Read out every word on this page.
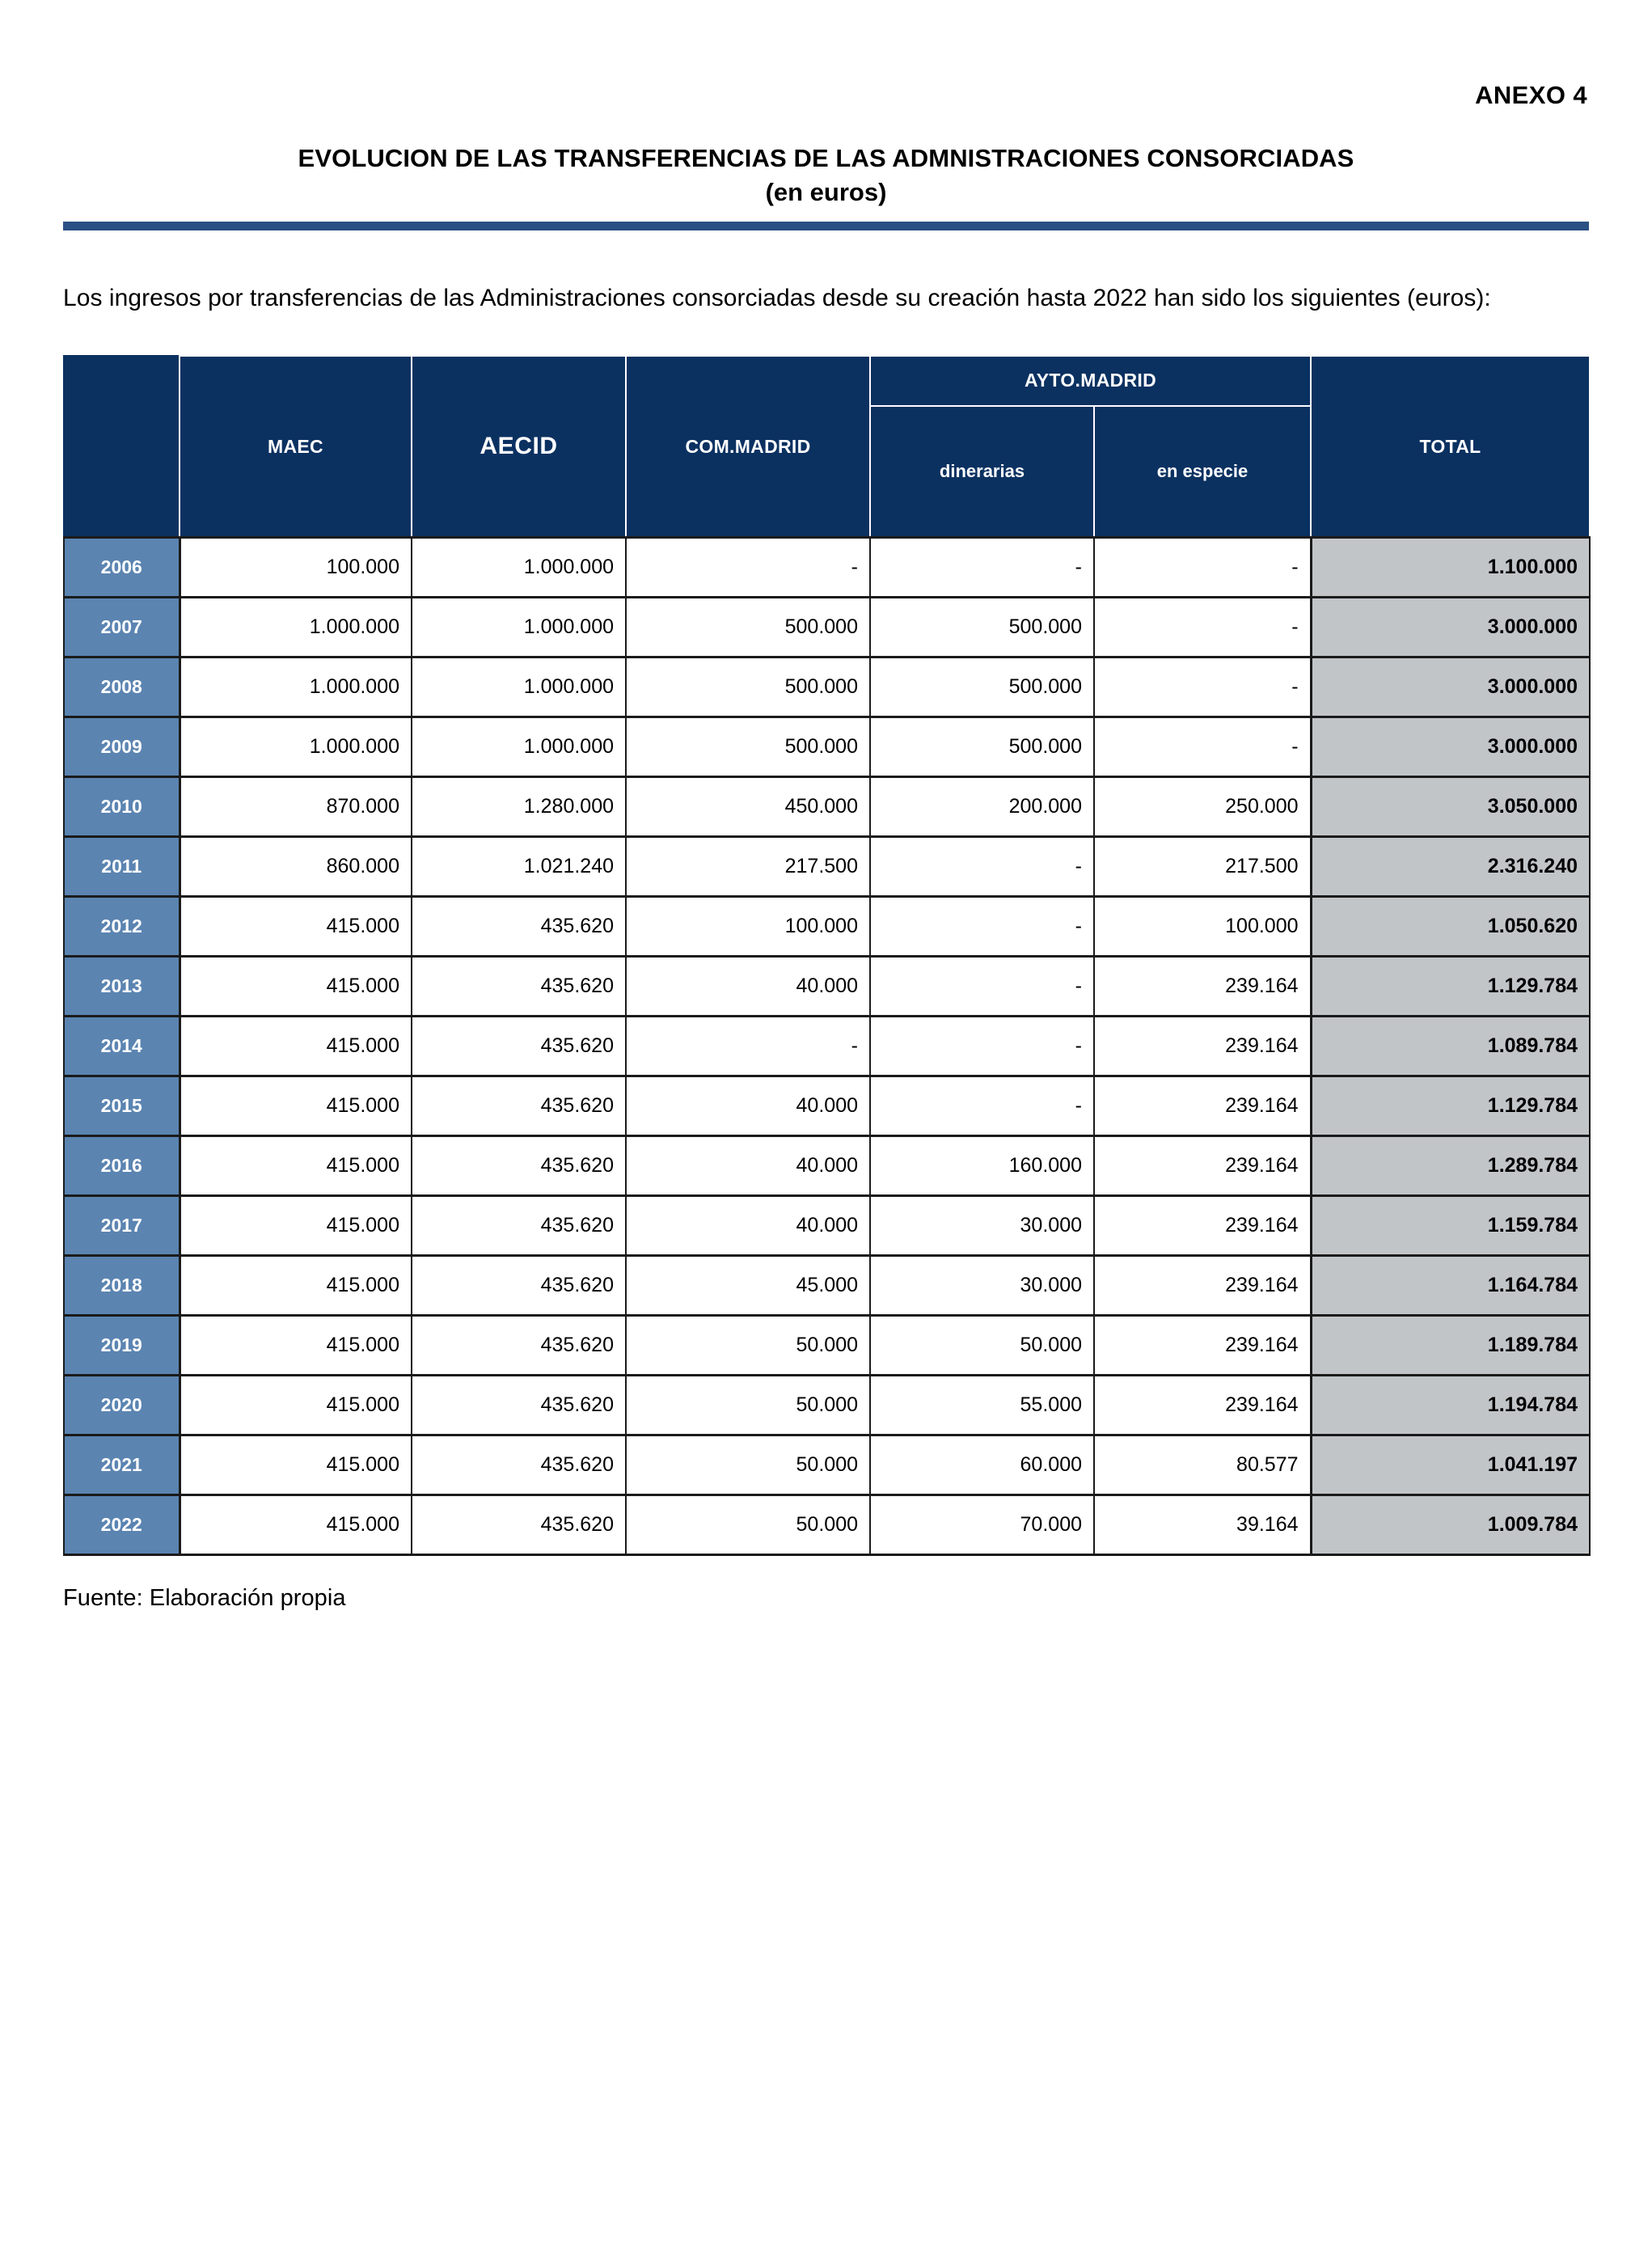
ANEXO 4
EVOLUCION DE LAS TRANSFERENCIAS DE LAS ADMNISTRACIONES CONSORCIADAS
(en euros)
Los ingresos por transferencias de las Administraciones consorciadas desde su creación hasta 2022 han sido los siguientes (euros):
	MAEC	AECID	COM.MADRID	AYTO.MADRID		TOTAL
				dinerarias	en especie	
2006	100.000	1.000.000	-	-	-	1.100.000
2007	1.000.000	1.000.000	500.000	500.000	-	3.000.000
2008	1.000.000	1.000.000	500.000	500.000	-	3.000.000
2009	1.000.000	1.000.000	500.000	500.000	-	3.000.000
2010	870.000	1.280.000	450.000	200.000	250.000	3.050.000
2011	860.000	1.021.240	217.500	-	217.500	2.316.240
2012	415.000	435.620	100.000	-	100.000	1.050.620
2013	415.000	435.620	40.000	-	239.164	1.129.784
2014	415.000	435.620	-	-	239.164	1.089.784
2015	415.000	435.620	40.000	-	239.164	1.129.784
2016	415.000	435.620	40.000	160.000	239.164	1.289.784
2017	415.000	435.620	40.000	30.000	239.164	1.159.784
2018	415.000	435.620	45.000	30.000	239.164	1.164.784
2019	415.000	435.620	50.000	50.000	239.164	1.189.784
2020	415.000	435.620	50.000	55.000	239.164	1.194.784
2021	415.000	435.620	50.000	60.000	80.577	1.041.197
2022	415.000	435.620	50.000	70.000	39.164	1.009.784
Fuente: Elaboración propia
